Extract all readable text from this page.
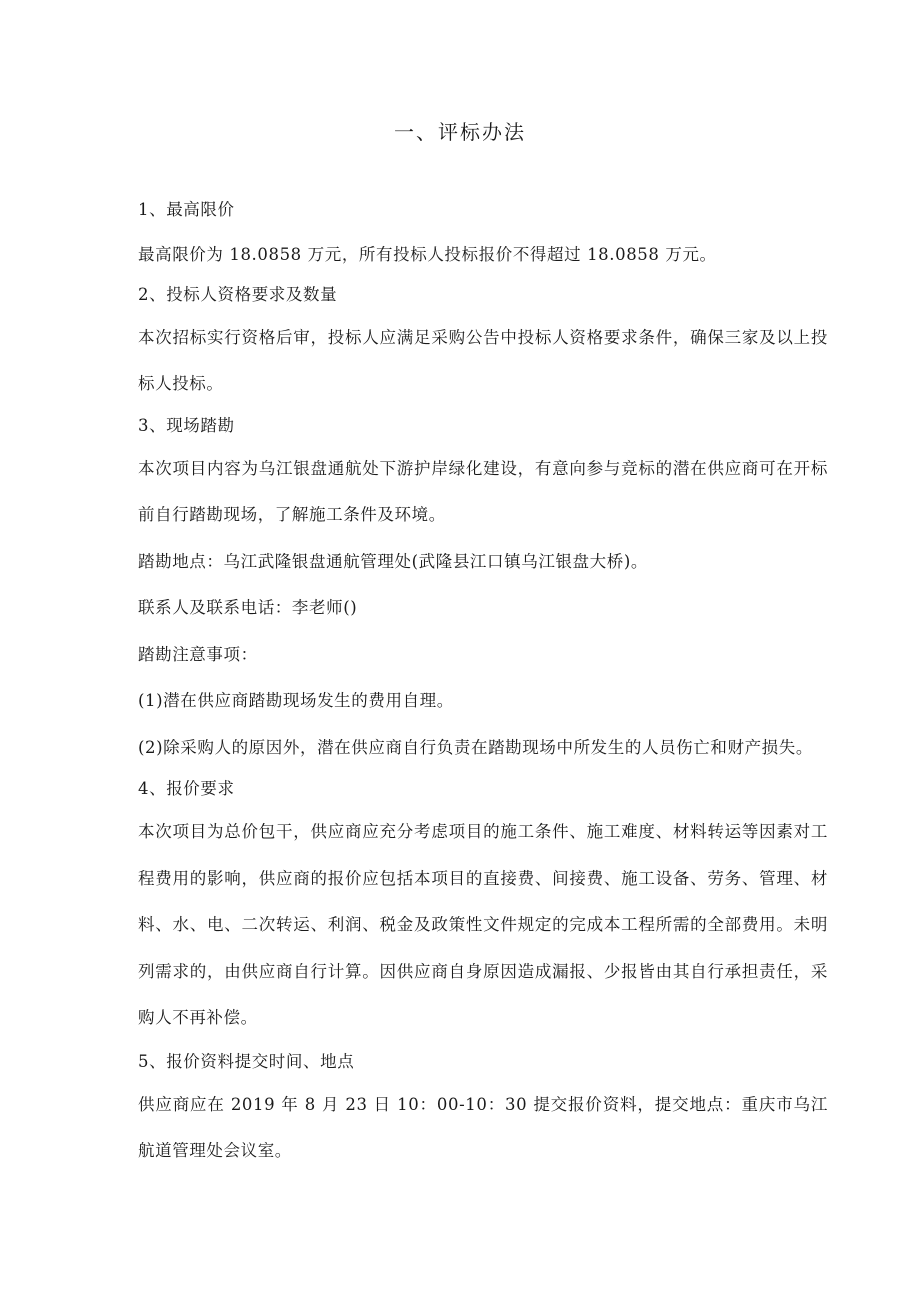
一、评标办法

1、最高限价

最高限价为 18.0858 万元，所有投标人投标报价不得超过 18.0858 万元。

2、投标人资格要求及数量

本次招标实行资格后审，投标人应满足采购公告中投标人资格要求条件，确保三家及以上投标人投标。

3、现场踏勘

本次项目内容为乌江银盘通航处下游护岸绿化建设，有意向参与竞标的潜在供应商可在开标前自行踏勘现场，了解施工条件及环境。

踏勘地点：乌江武隆银盘通航管理处(武隆县江口镇乌江银盘大桥)。

联系人及联系电话：李老师()

踏勘注意事项：

(1)潜在供应商踏勘现场发生的费用自理。

(2)除采购人的原因外，潜在供应商自行负责在踏勘现场中所发生的人员伤亡和财产损失。

4、报价要求

本次项目为总价包干，供应商应充分考虑项目的施工条件、施工难度、材料转运等因素对工程费用的影响，供应商的报价应包括本项目的直接费、间接费、施工设备、劳务、管理、材料、水、电、二次转运、利润、税金及政策性文件规定的完成本工程所需的全部费用。未明列需求的，由供应商自行计算。因供应商自身原因造成漏报、少报皆由其自行承担责任，采购人不再补偿。

5、报价资料提交时间、地点

供应商应在 2019 年 8 月 23 日 10：00-10：30 提交报价资料，提交地点：重庆市乌江航道管理处会议室。
